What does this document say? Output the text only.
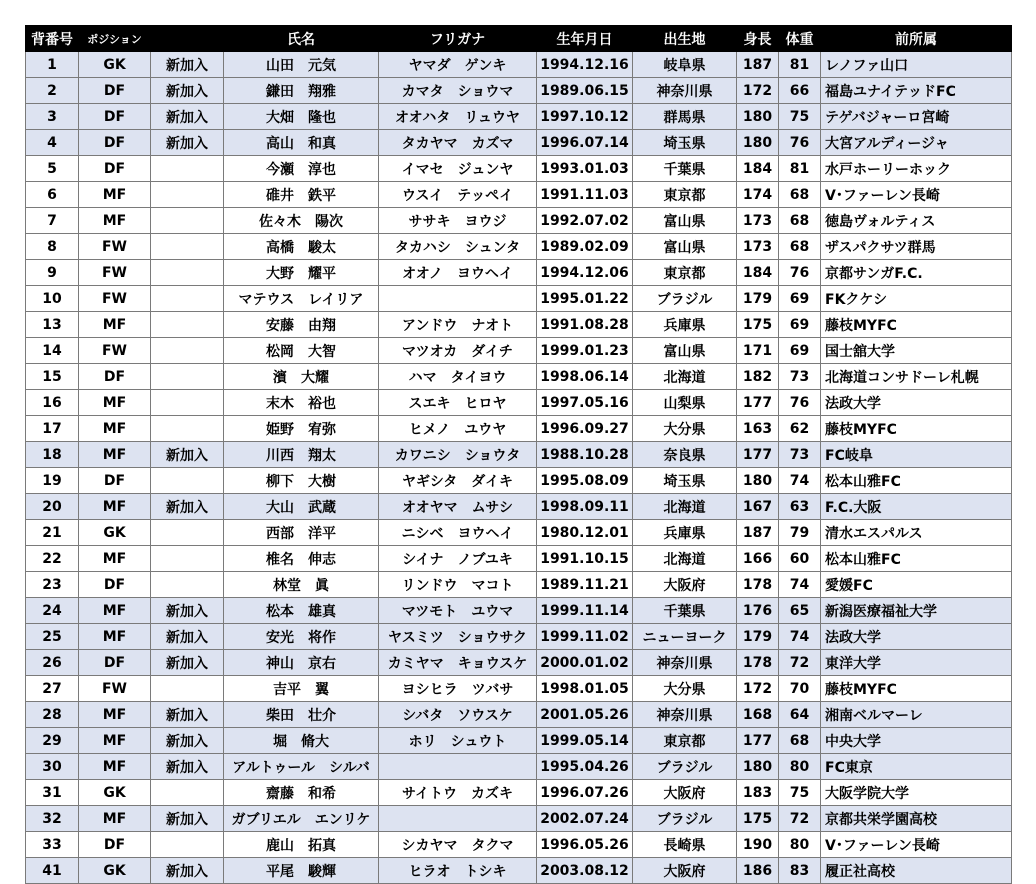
背番号	ポジション		氏名	フリガナ	生年月日	出生地	身長	体重	前所属
1	GK	新加入	山田　元気	ヤマダ　ゲンキ	1994.12.16	岐阜県	187	81	レノファ山口
2	DF	新加入	鎌田　翔雅	カマタ　ショウマ	1989.06.15	神奈川県	172	66	福島ユナイテッドFC
3	DF	新加入	大畑　隆也	オオハタ　リュウヤ	1997.10.12	群馬県	180	75	テゲバジャーロ宮崎
4	DF	新加入	高山　和真	タカヤマ　カズマ	1996.07.14	埼玉県	180	76	大宮アルディージャ
5	DF		今瀬　淳也	イマセ　ジュンヤ	1993.01.03	千葉県	184	81	水戸ホーリーホック
6	MF		碓井　鉄平	ウスイ　テッペイ	1991.11.03	東京都	174	68	V･ファーレン長崎
7	MF		佐々木　陽次	ササキ　ヨウジ	1992.07.02	富山県	173	68	徳島ヴォルティス
8	FW		高橋　駿太	タカハシ　シュンタ	1989.02.09	富山県	173	68	ザスパクサツ群馬
9	FW		大野　耀平	オオノ　ヨウヘイ	1994.12.06	東京都	184	76	京都サンガF.C.
10	FW		マテウス　レイリア		1995.01.22	ブラジル	179	69	FKクケシ
13	MF		安藤　由翔	アンドウ　ナオト	1991.08.28	兵庫県	175	69	藤枝MYFC
14	FW		松岡　大智	マツオカ　ダイチ	1999.01.23	富山県	171	69	国士舘大学
15	DF		濱　大耀	ハマ　タイヨウ	1998.06.14	北海道	182	73	北海道コンサドーレ札幌
16	MF		末木　裕也	スエキ　ヒロヤ	1997.05.16	山梨県	177	76	法政大学
17	MF		姫野　宥弥	ヒメノ　ユウヤ	1996.09.27	大分県	163	62	藤枝MYFC
18	MF	新加入	川西　翔太	カワニシ　ショウタ	1988.10.28	奈良県	177	73	FC岐阜
19	DF		柳下　大樹	ヤギシタ　ダイキ	1995.08.09	埼玉県	180	74	松本山雅FC
20	MF	新加入	大山　武蔵	オオヤマ　ムサシ	1998.09.11	北海道	167	63	F.C.大阪
21	GK		西部　洋平	ニシベ　ヨウヘイ	1980.12.01	兵庫県	187	79	清水エスパルス
22	MF		椎名　伸志	シイナ　ノブユキ	1991.10.15	北海道	166	60	松本山雅FC
23	DF		林堂　眞	リンドウ　マコト	1989.11.21	大阪府	178	74	愛媛FC
24	MF	新加入	松本　雄真	マツモト　ユウマ	1999.11.14	千葉県	176	65	新潟医療福祉大学
25	MF	新加入	安光　将作	ヤスミツ　ショウサク	1999.11.02	ニューヨーク	179	74	法政大学
26	DF	新加入	神山　京右	カミヤマ　キョウスケ	2000.01.02	神奈川県	178	72	東洋大学
27	FW		吉平　翼	ヨシヒラ　ツバサ	1998.01.05	大分県	172	70	藤枝MYFC
28	MF	新加入	柴田　壮介	シバタ　ソウスケ	2001.05.26	神奈川県	168	64	湘南ベルマーレ
29	MF	新加入	堀　脩大	ホリ　シュウト	1999.05.14	東京都	177	68	中央大学
30	MF	新加入	アルトゥール　シルバ		1995.04.26	ブラジル	180	80	FC東京
31	GK		齋藤　和希	サイトウ　カズキ	1996.07.26	大阪府	183	75	大阪学院大学
32	MF	新加入	ガブリエル　エンリケ		2002.07.24	ブラジル	175	72	京都共栄学園高校
33	DF		鹿山　拓真	シカヤマ　タクマ	1996.05.26	長崎県	190	80	V･ファーレン長崎
41	GK	新加入	平尾　駿輝	ヒラオ　トシキ	2003.08.12	大阪府	186	83	履正社高校
